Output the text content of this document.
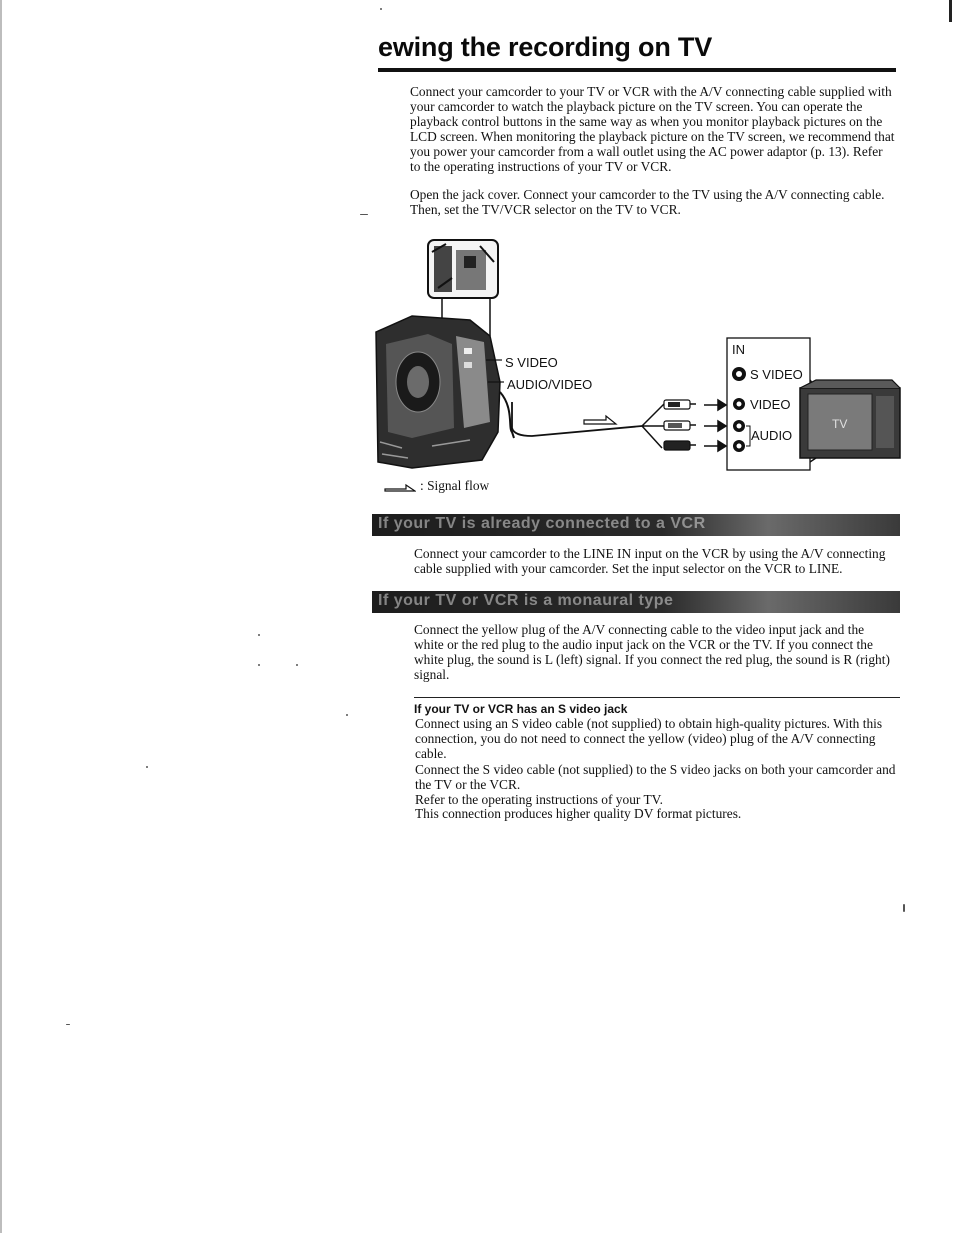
ewing the recording on TV

Connect your camcorder to your TV or VCR with the A/V connecting cable supplied with your camcorder to watch the playback picture on the TV screen. You can operate the playback control buttons in the same way as when you monitor playback pictures on the LCD screen. When monitoring the playback picture on the TV screen, we recommend that you power your camcorder from a wall outlet using the AC power adaptor (p. 13). Refer to the operating instructions of your TV or VCR.

Open the jack cover. Connect your camcorder to the TV using the A/V connecting cable. Then, set the TV/VCR selector on the TV to VCR.

S VIDEO
AUDIO/VIDEO
IN
S VIDEO
VIDEO
AUDIO
TV
: Signal flow
If your TV is already connected to a VCR

Connect your camcorder to the LINE IN input on the VCR by using the A/V connecting cable supplied with your camcorder. Set the input selector on the VCR to LINE.

If your TV or VCR is a monaural type

Connect the yellow plug of the A/V connecting cable to the video input jack and the white or the red plug to the audio input jack on the VCR or the TV. If you connect the white plug, the sound is L (left) signal. If you connect the red plug, the sound is R (right) signal.

If your TV or VCR has an S video jack

Connect using an S video cable (not supplied) to obtain high-quality pictures. With this connection, you do not need to connect the yellow (video) plug of the A/V connecting cable.

Connect the S video cable (not supplied) to the S video jacks on both your camcorder and the TV or the VCR.

Refer to the operating instructions of your TV.

This connection produces higher quality DV format pictures.
